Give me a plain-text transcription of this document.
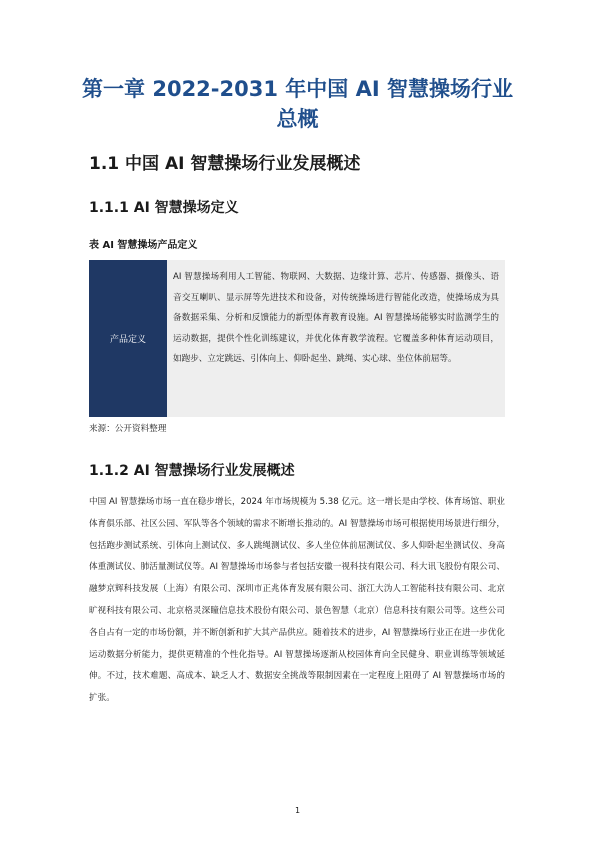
第一章 2022-2031 年中国 AI 智慧操场行业
总概
1.1 中国 AI 智慧操场行业发展概述
1.1.1 AI 智慧操场定义

表 AI 智慧操场产品定义

产品定义
AI 智慧操场利用人工智能、物联网、大数据、边缘计算、芯片、传感器、摄像头、语音交互喇叭、显示屏等先进技术和设备，对传统操场进行智能化改造，使操场成为具备数据采集、分析和反馈能力的新型体育教育设施。AI 智慧操场能够实时监测学生的运动数据，提供个性化训练建议，并优化体育教学流程。它覆盖多种体育运动项目，如跑步、立定跳远、引体向上、仰卧起坐、跳绳、实心球、坐位体前屈等。

来源：公开资料整理

1.1.2 AI 智慧操场行业发展概述

中国 AI 智慧操场市场一直在稳步增长，2024 年市场规模为 5.38 亿元。这一增长是由学校、体育场馆、职业体育俱乐部、社区公园、军队等各个领域的需求不断增长推动的。AI 智慧操场市场可根据使用场景进行细分，包括跑步测试系统、引体向上测试仪、多人跳绳测试仪、多人坐位体前屈测试仪、多人仰卧起坐测试仪、身高体重测试仪、肺活量测试仪等。AI 智慧操场市场参与者包括安徽一视科技有限公司、科大讯飞股份有限公司、融梦京辉科技发展（上海）有限公司、深圳市正兆体育发展有限公司、浙江大沩人工智能科技有限公司、北京旷视科技有限公司、北京格灵深瞳信息技术股份有限公司、景色智慧（北京）信息科技有限公司等。这些公司各自占有一定的市场份额，并不断创新和扩大其产品供应。随着技术的进步，AI 智慧操场行业正在进一步优化运动数据分析能力，提供更精准的个性化指导。AI 智慧操场逐渐从校园体育向全民健身、职业训练等领域延伸。不过，技术难题、高成本、缺乏人才、数据安全挑战等限制因素在一定程度上阻碍了 AI 智慧操场市场的扩张。

1
